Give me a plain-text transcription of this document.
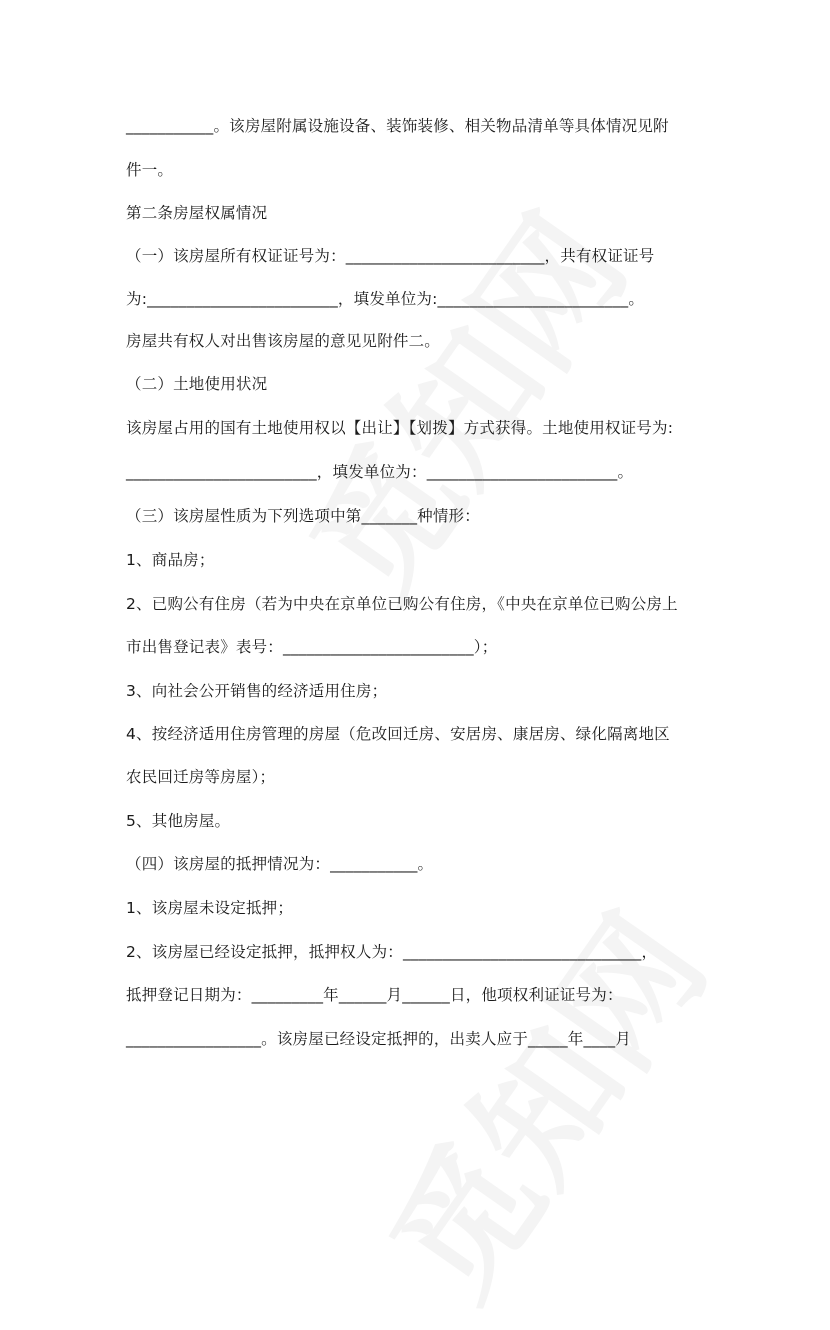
___________。该房屋附属设施设备、装饰装修、相关物品清单等具体情况见附
件一。
第二条房屋权属情况
（一）该房屋所有权证证号为：_________________________，共有权证证号
为:________________________，填发单位为:________________________。
房屋共有权人对出售该房屋的意见见附件二。
（二）土地使用状况
该房屋占用的国有土地使用权以【出让】【划拨】方式获得。土地使用权证号为:
________________________，填发单位为：________________________。
（三）该房屋性质为下列选项中第_______种情形：
1、商品房；
2、已购公有住房（若为中央在京单位已购公有住房，《中央在京单位已购公房上
市出售登记表》表号：________________________）；
3、向社会公开销售的经济适用住房；
4、按经济适用住房管理的房屋（危改回迁房、安居房、康居房、绿化隔离地区
农民回迁房等房屋）；
5、其他房屋。
（四）该房屋的抵押情况为：___________。
1、该房屋未设定抵押；
2、该房屋已经设定抵押，抵押权人为：______________________________，
抵押登记日期为：_________年______月______日，他项权利证证号为：
_________________。该房屋已经设定抵押的，出卖人应于_____年____月
